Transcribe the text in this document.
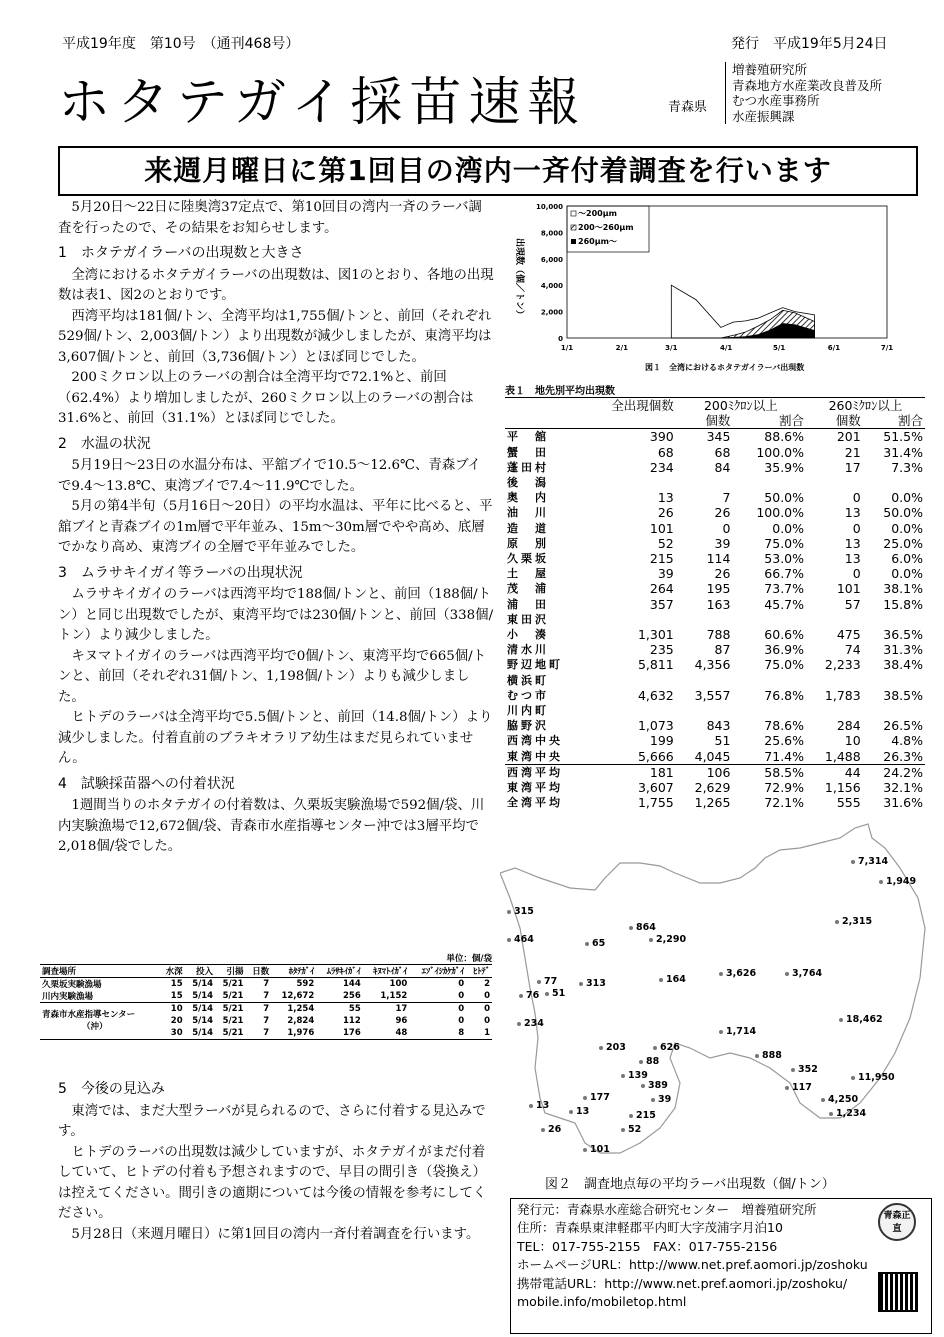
平成19年度　第10号　（通刊468号）	発行　平成19年5月24日
ホタテガイ採苗速報	青森県
増養殖研究所
青森地方水産業改良普及所
むつ水産事務所
水産振興課
来週月曜日に第1回目の湾内一斉付着調査を行います

5月20日～22日に陸奥湾37定点で、第10回目の湾内一斉のラーバ調査を行ったので、その結果をお知らせします。

1　ホタテガイラーバの出現数と大きさ

全湾におけるホタテガイラーバの出現数は、図1のとおり、各地の出現数は表1、図2のとおりです。

西湾平均は181個/トン、全湾平均は1,755個/トンと、前回（それぞれ529個/トン、2,003個/トン）より出現数が減少しましたが、東湾平均は3,607個/トンと、前回（3,736個/トン）とほぼ同じでした。

200ミクロン以上のラーバの割合は全湾平均で72.1%と、前回（62.4%）より増加しましたが、260ミクロン以上のラーバの割合は31.6%と、前回（31.1%）とほぼ同じでした。

2　水温の状況

5月19日～23日の水温分布は、平舘ブイで10.5～12.6℃、青森ブイで9.4～13.8℃、東湾ブイで7.4～11.9℃でした。

5月の第4半旬（5月16日～20日）の平均水温は、平年に比べると、平舘ブイと青森ブイの1m層で平年並み、15m～30m層でやや高め、底層でかなり高め、東湾ブイの全層で平年並みでした。

3　ムラサキイガイ等ラーバの出現状況

ムラサキイガイのラーバは西湾平均で188個/トンと、前回（188個/トン）と同じ出現数でしたが、東湾平均では230個/トンと、前回（338個/トン）より減少しました。

キヌマトイガイのラーバは西湾平均で0個/トン、東湾平均で665個/トンと、前回（それぞれ31個/トン、1,198個/トン）よりも減少しました。

ヒトデのラーバは全湾平均で5.5個/トンと、前回（14.8個/トン）より減少しました。付着直前のブラキオラリア幼生はまだ見られていません。

4　試験採苗器への付着状況

1週間当りのホタテガイの付着数は、久栗坂実験漁場で592個/袋、川内実験漁場で12,672個/袋、青森市水産指導センター沖では3層平均で2,018個/袋でした。

単位：個/袋
調査場所	水深	投入	引揚	日数	ﾎﾀﾃｶﾞｲ	ﾑﾗｻｷｲｶﾞｲ	ｷﾇﾏﾄｲｶﾞｲ	ｴｿﾞｲｼｶｹｶﾞｲ	ﾋﾄﾃﾞ
久栗坂実験漁場	15	5/14	5/21	7	592	144	100	0	2
川内実験漁場	15	5/14	5/21	7	12,672	256	1,152	0	0
青森市水産指導センター
（沖）	10	5/14	5/21	7	1,254	55	17	0	0
	20	5/14	5/21	7	2,824	112	96	0	0
	30	5/14	5/21	7	1,976	176	48	8	1
5　今後の見込み

東湾では、まだ大型ラーバが見られるので、さらに付着する見込みです。

ヒトデのラーバの出現数は減少していますが、ホタテガイがまだ付着していて、ヒトデの付着も予想されますので、早目の間引き（袋換え）は控えてください。間引きの適期については今後の情報を参考にしてください。

5月28日（来週月曜日）に第1回目の湾内一斉付着調査を行います。

出現数（個／トン）
図１　全湾におけるホタテガイラーバ出現数
10,000
8,000
6,000
4,000
2,000
0
1/1	2/1	3/1	4/1	5/1	6/1	7/1
～200μm
200～260μm
260μm～
表１　地先別平均出現数
	全出現個数	200ﾐｸﾛﾝ以上		260ﾐｸﾛﾝ以上	
		個数	割合	個数	割合
平　舘	390	345	88.6%	201	51.5%
蟹　田	68	68	100.0%	21	31.4%
蓬田村	234	84	35.9%	17	7.3%
後　潟					
奥　内	13	7	50.0%	0	0.0%
油　川	26	26	100.0%	13	50.0%
造　道	101	0	0.0%	0	0.0%
原　別	52	39	75.0%	13	25.0%
久栗坂	215	114	53.0%	13	6.0%
土　屋	39	26	66.7%	0	0.0%
茂　浦	264	195	73.7%	101	38.1%
浦　田	357	163	45.7%	57	15.8%
東田沢					
小　湊	1,301	788	60.6%	475	36.5%
清水川	235	87	36.9%	74	31.3%
野辺地町	5,811	4,356	75.0%	2,233	38.4%
横浜町					
むつ市	4,632	3,557	76.8%	1,783	38.5%
川内町					
脇野沢	1,073	843	78.6%	284	26.5%
西湾中央	199	51	25.6%	10	4.8%
東湾中央	5,666	4,045	71.4%	1,488	26.3%
西湾平均	181	106	58.5%	44	24.2%
東湾平均	3,607	2,629	72.9%	1,156	32.1%
全湾平均	1,755	1,265	72.1%	555	31.6%
7,314
1,949
2,315
315
864
464	65	2,290
3,626	3,764
77	313	164
76 51
234	18,462
1,714
203	626
888
88
352
139	11,950
389	117
177	39	4,250
13
13	1,234
215
26	52
101
図２　調査地点毎の平均ラーバ出現数（個/トン）
発行元：青森県水産総合研究センター　増養殖研究所
住所：青森県東津軽郡平内町大字茂浦字月泊10
TEL：017-755-2155　FAX：017-755-2156
ホームページURL：http://www.net.pref.aomori.jp/zoshoku
携帯電話URL：http://www.net.pref.aomori.jp/zoshoku/
mobile.info/mobiletop.html
青森正直
